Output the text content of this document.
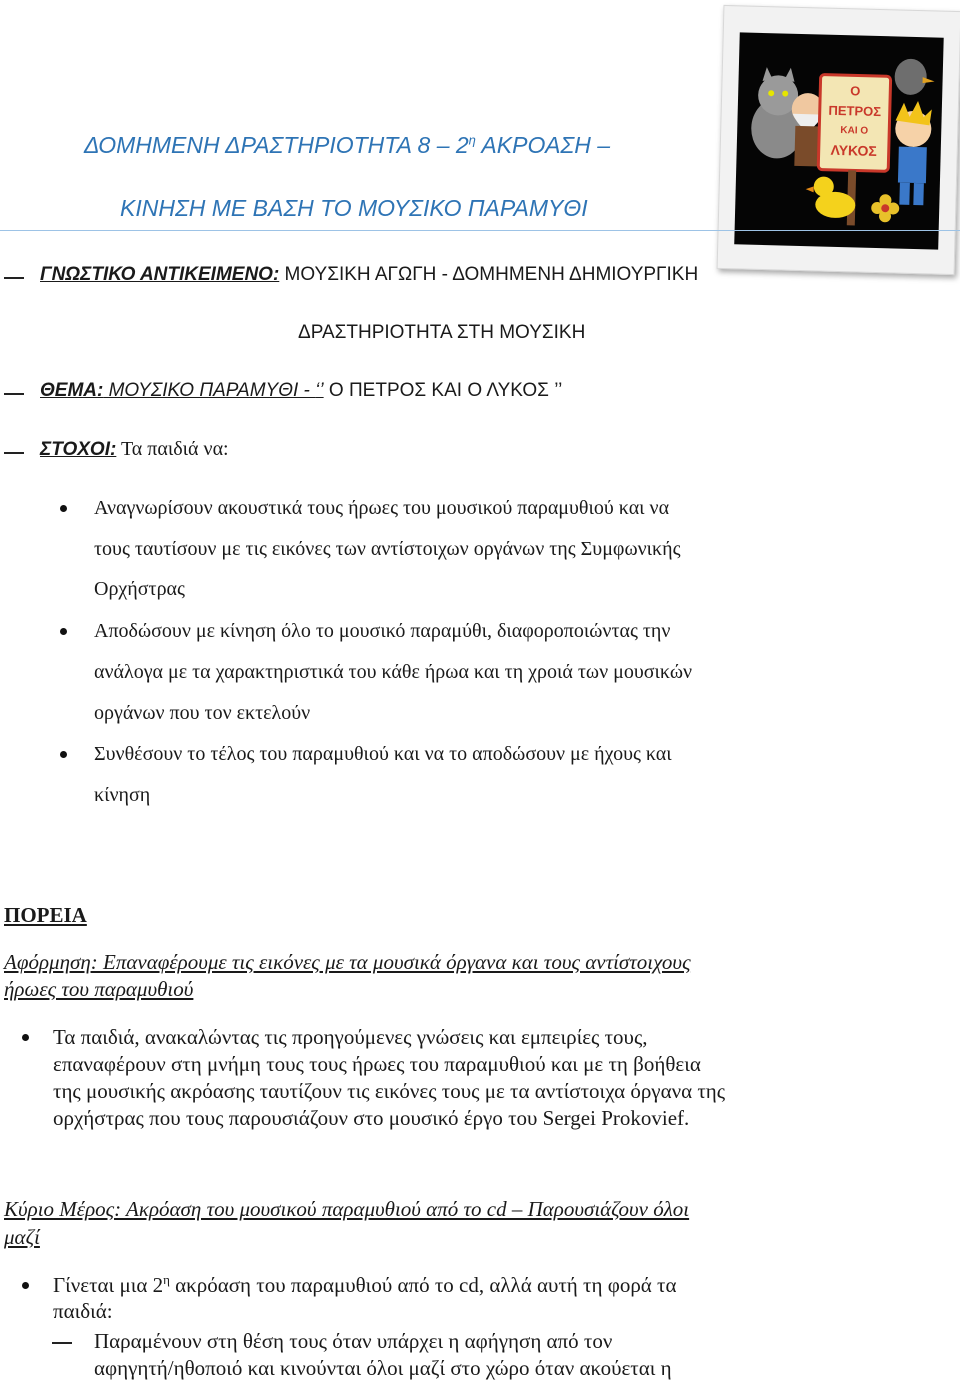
Ο
ΠΕΤΡΟΣ
ΚΑΙ Ο
ΛΥΚΟΣ
ΔΟΜΗΜΕΝΗ ΔΡΑΣΤΗΡΙΟΤΗΤΑ $8 - 2^\eta$ ΑΚΡΟΑΣΗ –
ΚΙΝΗΣΗ ΜΕ ΒΑΣΗ ΤΟ ΜΟΥΣΙΚΟ ΠΑΡΑΜΥΘΙ
ΓΝΩΣΤΙΚΟ ΑΝΤΙΚΕΙΜΕΝΟ: ΜΟΥΣΙΚΗ ΑΓΩΓΗ - ΔΟΜΗΜΕΝΗ ΔΗΜΙΟΥΡΓΙΚΗ
ΔΡΑΣΤΗΡΙΟΤΗΤΑ ΣΤΗ ΜΟΥΣΙΚΗ
ΘΕΜΑ: ΜΟΥΣΙΚΟ ΠΑΡΑΜΥΘΙ - ‘’ Ο ΠΕΤΡΟΣ ΚΑΙ Ο ΛΥΚΟΣ ’’
ΣΤΟΧΟΙ: Τα παιδιά να:
Αναγνωρίσουν ακουστικά τους ήρωες του μουσικού παραμυθιού και να
τους ταυτίσουν με τις εικόνες των αντίστοιχων οργάνων της Συμφωνικής
Ορχήστρας
Αποδώσουν με κίνηση όλο το μουσικό παραμύθι, διαφοροποιώντας την
ανάλογα με τα χαρακτηριστικά του κάθε ήρωα και τη χροιά των μουσικών
οργάνων που τον εκτελούν
Συνθέσουν το τέλος του παραμυθιού και να το αποδώσουν με ήχους και
κίνηση
ΠΟΡΕΙΑ
Αφόρμηση: Επαναφέρουμε τις εικόνες με τα μουσικά όργανα και τους αντίστοιχους
ήρωες του παραμυθιού
Τα παιδιά, ανακαλώντας τις προηγούμενες γνώσεις και εμπειρίες τους,
επαναφέρουν στη μνήμη τους τους ήρωες του παραμυθιού και με τη βοήθεια
της μουσικής ακρόασης ταυτίζουν τις εικόνες τους με τα αντίστοιχα όργανα της
ορχήστρας που τους παρουσιάζουν στο μουσικό έργο του Sergei Prokovief.
Κύριο Μέρος: Ακρόαση του μουσικού παραμυθιού από το cd – Παρουσιάζουν όλοι
μαζί
Γίνεται μια $2^\eta$ ακρόαση του παραμυθιού από το cd, αλλά αυτή τη φορά τα
παιδιά:
Παραμένουν στη θέση τους όταν υπάρχει η αφήγηση από τον
αφηγητή/ηθοποιό και κινούνται όλοι μαζί στο χώρο όταν ακούεται η
